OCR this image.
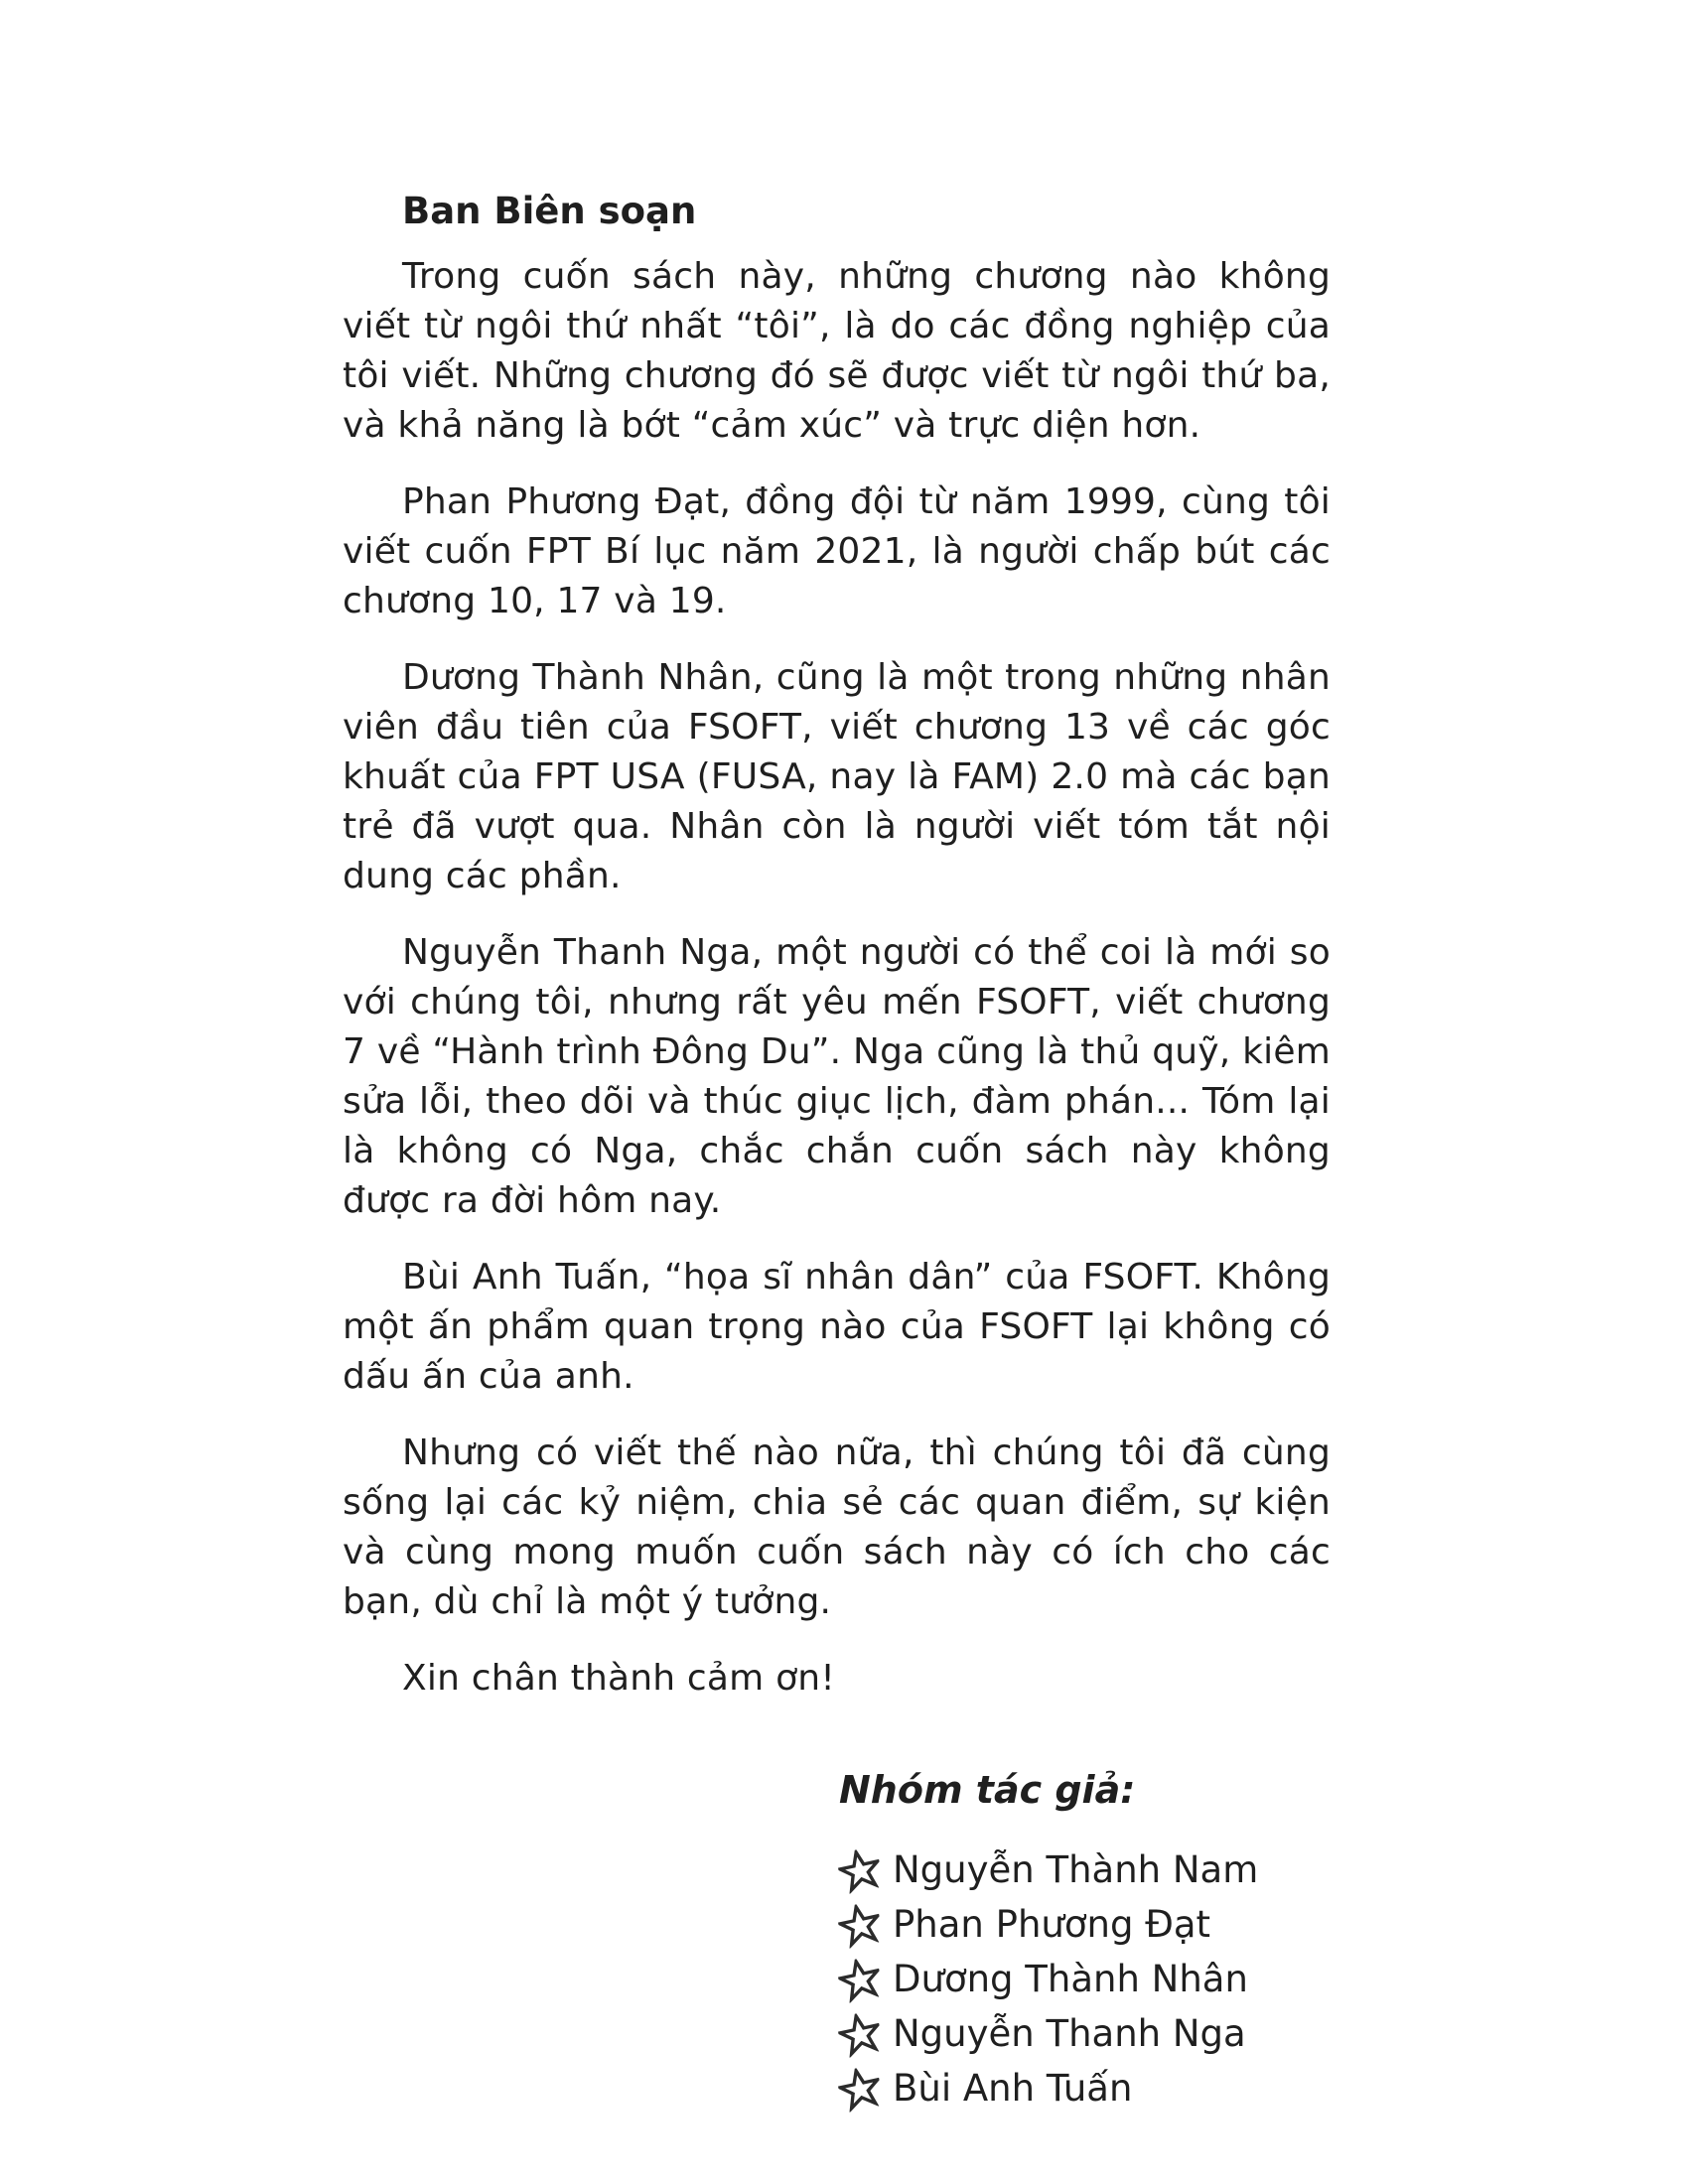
Ban Biên soạn

Trong cuốn sách này, những chương nào không viết từ ngôi thứ nhất “tôi”, là do các đồng nghiệp của tôi viết. Những chương đó sẽ được viết từ ngôi thứ ba, và khả năng là bớt “cảm xúc” và trực diện hơn.

Phan Phương Đạt, đồng đội từ năm 1999, cùng tôi viết cuốn FPT Bí lục năm 2021, là người chấp bút các chương 10, 17 và 19.

Dương Thành Nhân, cũng là một trong những nhân viên đầu tiên của FSOFT, viết chương 13 về các góc khuất của FPT USA (FUSA, nay là FAM) 2.0 mà các bạn trẻ đã vượt qua. Nhân còn là người viết tóm tắt nội dung các phần.

Nguyễn Thanh Nga, một người có thể coi là mới so với chúng tôi, nhưng rất yêu mến FSOFT, viết chương 7 về “Hành trình Đông Du”. Nga cũng là thủ quỹ, kiêm sửa lỗi, theo dõi và thúc giục lịch, đàm phán... Tóm lại là không có Nga, chắc chắn cuốn sách này không được ra đời hôm nay.

Bùi Anh Tuấn, “họa sĩ nhân dân” của FSOFT. Không một ấn phẩm quan trọng nào của FSOFT lại không có dấu ấn của anh.

Nhưng có viết thế nào nữa, thì chúng tôi đã cùng sống lại các kỷ niệm, chia sẻ các quan điểm, sự kiện và cùng mong muốn cuốn sách này có ích cho các bạn, dù chỉ là một ý tưởng.

Xin chân thành cảm ơn!

Nhóm tác giả:
Nguyễn Thành Nam
Phan Phương Đạt
Dương Thành Nhân
Nguyễn Thanh Nga
Bùi Anh Tuấn
